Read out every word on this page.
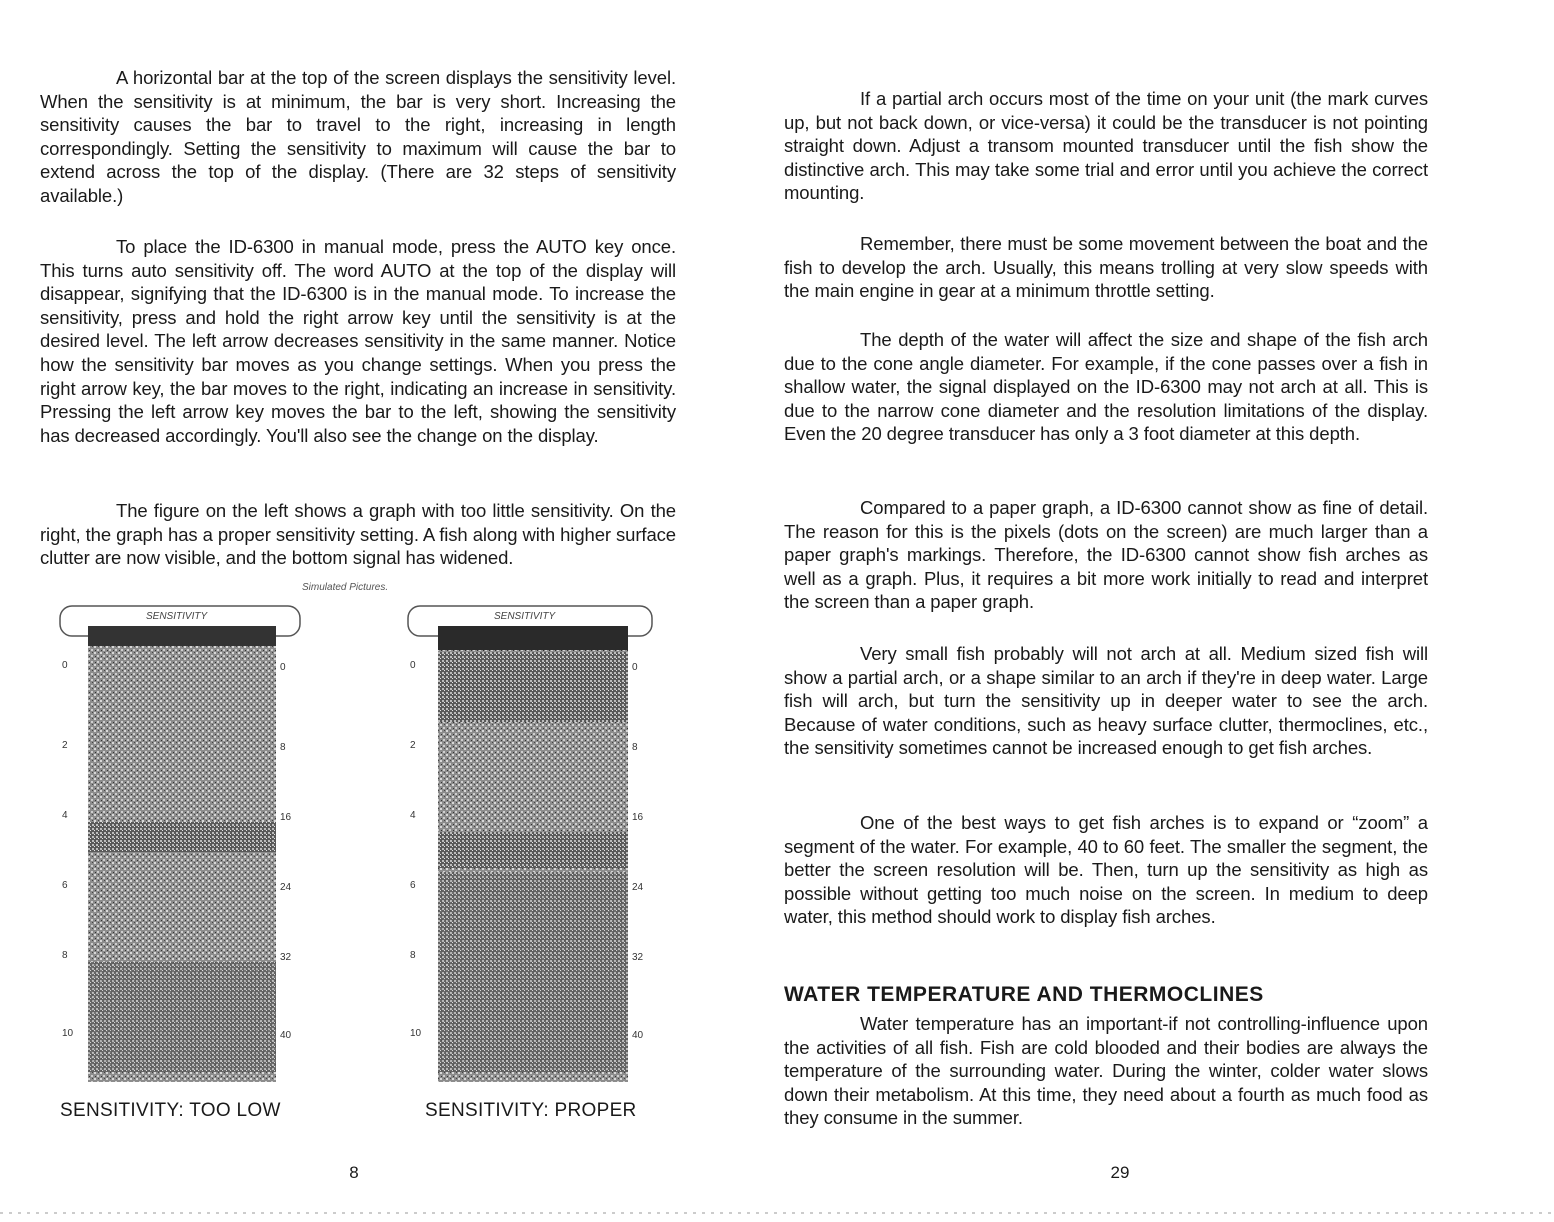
A horizontal bar at the top of the screen displays the sensitivity level. When the sensitivity is at minimum, the bar is very short. Increasing the sensitivity causes the bar to travel to the right, increasing in length correspondingly. Setting the sensitivity to maximum will cause the bar to extend across the top of the display. (There are 32 steps of sensitivity available.)

To place the ID-6300 in manual mode, press the AUTO key once. This turns auto sensitivity off. The word AUTO at the top of the display will disappear, signifying that the ID-6300 is in the manual mode. To increase the sensitivity, press and hold the right arrow key until the sensitivity is at the desired level. The left arrow decreases sensitivity in the same manner. Notice how the sensitivity bar moves as you change settings. When you press the right arrow key, the bar moves to the right, indicating an increase in sensitivity. Pressing the left arrow key moves the bar to the left, showing the sensitivity has decreased accordingly. You'll also see the change on the display.

The figure on the left shows a graph with too little sensitivity. On the right, the graph has a proper sensitivity setting. A fish along with higher surface clutter are now visible, and the bottom signal has widened.

Simulated Pictures.
SENSITIVITY
0
2
4
6
8
10
0
8
16
24
32
40
SENSITIVITY
0
2
4
6
8
10
0
8
16
24
32
40
SENSITIVITY: TOO LOW	SENSITIVITY: PROPER
8

If a partial arch occurs most of the time on your unit (the mark curves up, but not back down, or vice-versa) it could be the transducer is not pointing straight down. Adjust a transom mounted transducer until the fish show the distinctive arch. This may take some trial and error until you achieve the correct mounting.

Remember, there must be some movement between the boat and the fish to develop the arch. Usually, this means trolling at very slow speeds with the main engine in gear at a minimum throttle setting.

The depth of the water will affect the size and shape of the fish arch due to the cone angle diameter. For example, if the cone passes over a fish in shallow water, the signal displayed on the ID-6300 may not arch at all. This is due to the narrow cone diameter and the resolution limitations of the display. Even the 20 degree transducer has only a 3 foot diameter at this depth.

Compared to a paper graph, a ID-6300 cannot show as fine of detail. The reason for this is the pixels (dots on the screen) are much larger than a paper graph's markings. Therefore, the ID-6300 cannot show fish arches as well as a graph. Plus, it requires a bit more work initially to read and interpret the screen than a paper graph.

Very small fish probably will not arch at all. Medium sized fish will show a partial arch, or a shape similar to an arch if they're in deep water. Large fish will arch, but turn the sensitivity up in deeper water to see the arch. Because of water conditions, such as heavy surface clutter, thermoclines, etc., the sensitivity sometimes cannot be increased enough to get fish arches.

One of the best ways to get fish arches is to expand or “zoom” a segment of the water. For example, 40 to 60 feet. The smaller the segment, the better the screen resolution will be. Then, turn up the sensitivity as high as possible without getting too much noise on the screen. In medium to deep water, this method should work to display fish arches.

WATER TEMPERATURE AND THERMOCLINES

Water temperature has an important-if not controlling-influence upon the activities of all fish. Fish are cold blooded and their bodies are always the temperature of the surrounding water. During the winter, colder water slows down their metabolism. At this time, they need about a fourth as much food as they consume in the summer.

29
